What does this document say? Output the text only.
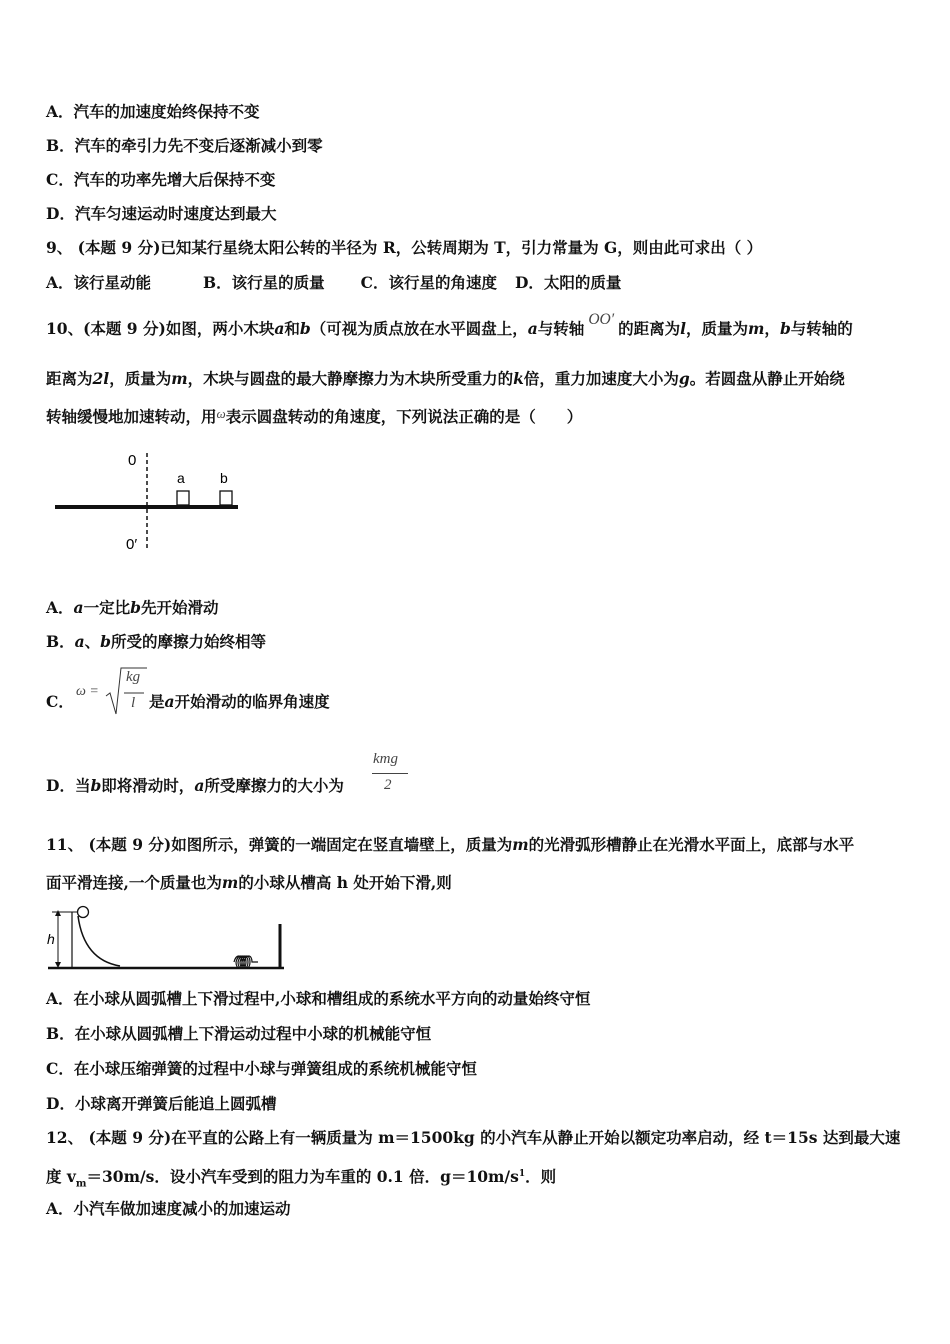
A．汽车的加速度始终保持不变
B．汽车的牵引力先不变后逐渐减小到零
C．汽车的功率先增大后保持不变
D．汽车匀速运动时速度达到最大
9、 (本题 9 分)已知某行星绕太阳公转的半径为 R，公转周期为 T，引力常量为 G，则由此可求出（ ）
A．该行星动能	B．该行星的质量 C．该行星的角速度 D．太阳的质量
10、(本题 9 分)如图，两小木块a和b（可视为质点放在水平圆盘上，a与转轴 OO′ 的距离为l，质量为m，b与转轴的
距离为2l，质量为m，木块与圆盘的最大静摩擦力为木块所受重力的k倍，重力加速度大小为g。若圆盘从静止开始绕
转轴缓慢地加速转动，用$^\omega$表示圆盘转动的角速度，下列说法正确的是（　　）
0
a	b
0′
A．a一定比b先开始滑动
B．a、b所受的摩擦力始终相等
C．
ω =
kg
l 是a开始滑动的临界角速度
D．当b即将滑动时，a所受摩擦力的大小为
kmg
2
11、 (本题 9 分)如图所示，弹簧的一端固定在竖直墙壁上，质量为m的光滑弧形槽静止在光滑水平面上，底部与水平
面平滑连接,一个质量也为m的小球从槽高 h 处开始下滑,则
h
A．在小球从圆弧槽上下滑过程中,小球和槽组成的系统水平方向的动量始终守恒
B．在小球从圆弧槽上下滑运动过程中小球的机械能守恒
C．在小球压缩弹簧的过程中小球与弹簧组成的系统机械能守恒
D．小球离开弹簧后能追上圆弧槽
12、 (本题 9 分)在平直的公路上有一辆质量为 m＝1500kg 的小汽车从静止开始以额定功率启动，经 t＝15s 达到最大速
度 $v_m=30m/s$．设小汽车受到的阻力为车重的 0.1 倍．$g=10m/s^1$．则
A．小汽车做加速度减小的加速运动
